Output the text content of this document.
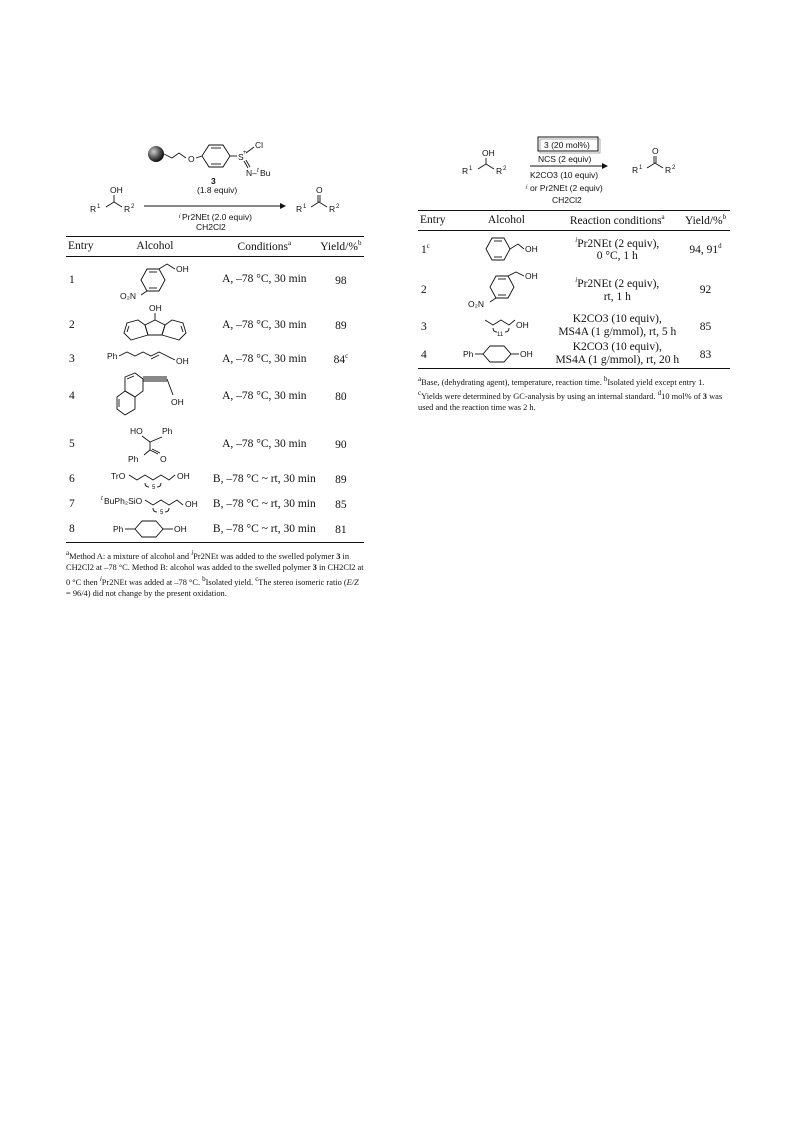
O	S +
Cl
N– t Bu
3
(1.8 equiv)
OH
R 1	R 2
i Pr2NEt (2.0 equiv)
CH2Cl2
O
R 1	R 2
Entry	Alcohol	Conditions$^a$	Yield/%$^b$
1	OH
O₂N	A, –78 °C, 30 min	98
2	OH	A, –78 °C, 30 min	89
3	Ph OH	A, –78 °C, 30 min	84$^c$
4	OH	A, –78 °C, 30 min	80
5	HO Ph
Ph O	A, –78 °C, 30 min	90
6	TrO
5
OH	B, –78 °C ~ rt, 30 min	89
7	t BuPh₂SiO
5
OH	B, –78 °C ~ rt, 30 min	85
8	Ph OH	B, –78 °C ~ rt, 30 min	81

$^a$Method A: a mixture of alcohol and $^i$Pr2NEt was added to the swelled polymer 3 in CH2Cl2 at –78 °C. Method B: alcohol was added to the swelled polymer 3 in CH2Cl2 at 0 °C then $^i$Pr2NEt was added at –78 °C. $^b$Isolated yield. $^c$The stereo isomeric ratio (E/Z = 96/4) did not change by the present oxidation.

3 (20 mol%)
OH
R 1	R 2
NCS (2 equiv)
K2CO3 (10 equiv)
i or Pr2NEt (2 equiv)
CH2Cl2
O
R 1	R 2
Entry	Alcohol	Reaction conditions$^a$	Yield/%$^b$
1$^c$	OH	$^i$Pr2NEt (2 equiv),
0 °C, 1 h	94, 91$^d$
2	OH
O₂N	$^i$Pr2NEt (2 equiv),
rt, 1 h	92
3	11
OH	K2CO3 (10 equiv),
MS4A (1 g/mmol), rt, 5 h	85
4	Ph OH	K2CO3 (10 equiv),
MS4A (1 g/mmol), rt, 20 h	83

$^a$Base, (dehydrating agent), temperature, reaction time. $^b$Isolated yield except entry 1. $^c$Yields were determined by GC-analysis by using an internal standard. $^d$10 mol% of 3 was used and the reaction time was 2 h.
